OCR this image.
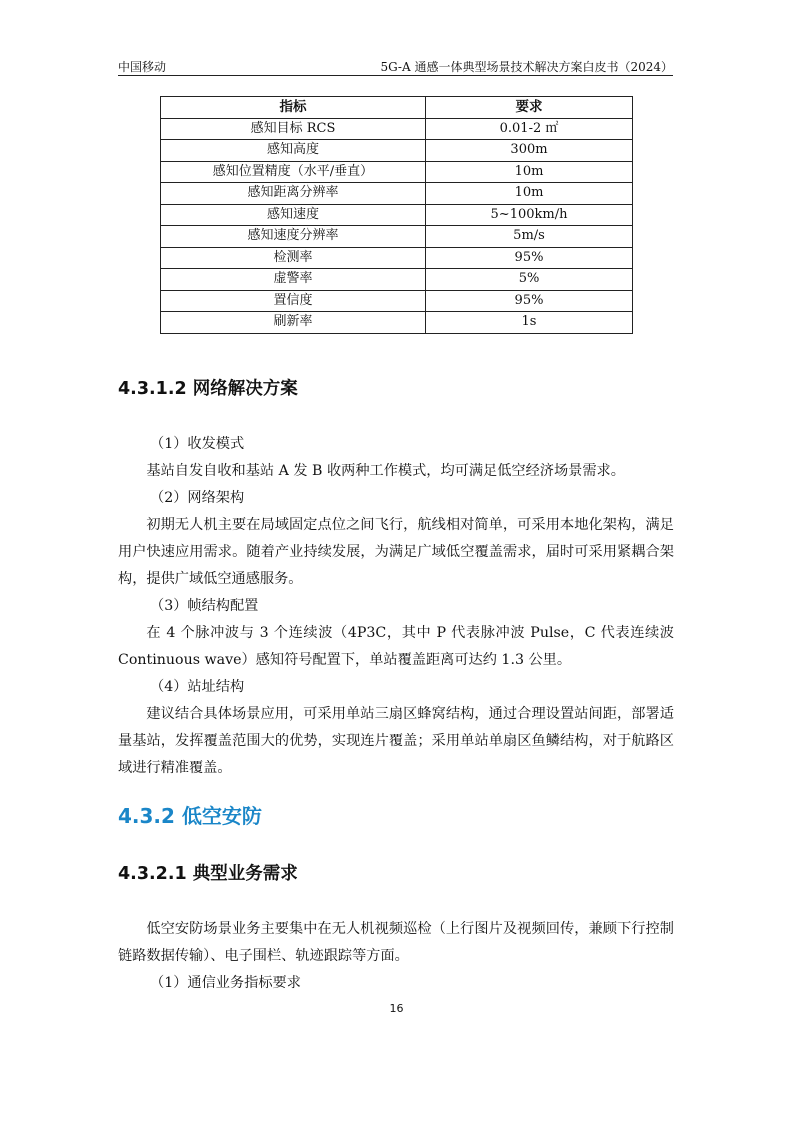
中国移动	5G-A 通感一体典型场景技术解决方案白皮书（2024）
指标	要求
感知目标 RCS	0.01-2 ㎡
感知高度	300m
感知位置精度（水平/垂直）	10m
感知距离分辨率	10m
感知速度	5~100km/h
感知速度分辨率	5m/s
检测率	95%
虚警率	5%
置信度	95%
刷新率	1s
4.3.1.2 网络解决方案
（1）收发模式

基站自发自收和基站 A 发 B 收两种工作模式，均可满足低空经济场景需求。

（2）网络架构

初期无人机主要在局域固定点位之间飞行，航线相对简单，可采用本地化架构，满足用户快速应用需求。随着产业持续发展，为满足广域低空覆盖需求，届时可采用紧耦合架构，提供广域低空通感服务。

（3）帧结构配置

在 4 个脉冲波与 3 个连续波（4P3C，其中 P 代表脉冲波 Pulse，C 代表连续波 Continuous wave）感知符号配置下，单站覆盖距离可达约 1.3 公里。

（4）站址结构

建议结合具体场景应用，可采用单站三扇区蜂窝结构，通过合理设置站间距，部署适量基站，发挥覆盖范围大的优势，实现连片覆盖；采用单站单扇区鱼鳞结构，对于航路区域进行精准覆盖。

4.3.2 低空安防
4.3.2.1 典型业务需求

低空安防场景业务主要集中在无人机视频巡检（上行图片及视频回传，兼顾下行控制链路数据传输）、电子围栏、轨迹跟踪等方面。

（1）通信业务指标要求
16
